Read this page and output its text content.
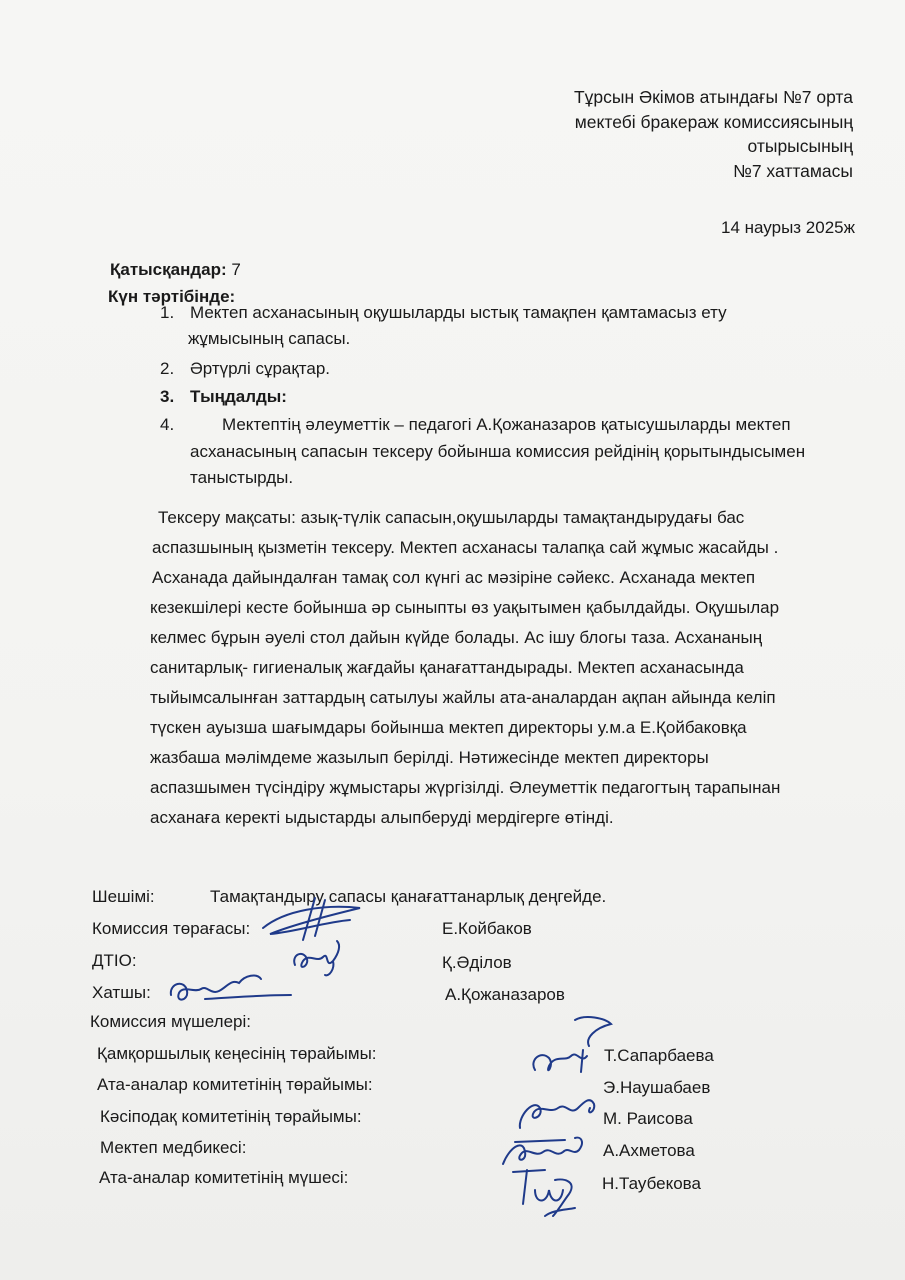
Тұрсын Әкімов атындағы №7 орта
мектебі бракераж комиссиясының
отырысының
№7 хаттамасы
14 наурыз 2025ж
Қатысқандар: 7
Күн тәртібінде:
1. Мектеп асханасының оқушыларды ыстық тамақпен қамтамасыз ету
жұмысының сапасы.
2. Әртүрлі сұрақтар.
3. Тыңдалды:
4.	Мектептің әлеуметтік – педагогі А.Қожаназаров қатысушыларды мектеп
асханасының сапасын тексеру бойынша комиссия рейдінің қорытындысымен
таныстырды.
Тексеру мақсаты: азық-түлік сапасын,оқушыларды тамақтандырудағы бас
аспазшының қызметін тексеру. Мектеп асханасы талапқа сай жұмыс жасайды .
Асханада дайындалған тамақ сол күнгі ас мәзіріне сәйекс. Асханада мектеп
кезекшілері кесте бойынша әр сыныпты өз уақытымен қабылдайды. Оқушылар
келмес бұрын әуелі стол дайын күйде болады. Ас ішу блогы таза. Асхананың
санитарлық- гигиеналық жағдайы қанағаттандырады. Мектеп асханасында
тыйымсалынған заттардың сатылуы жайлы ата-аналардан ақпан айында келіп
түскен ауызша шағымдары бойынша мектеп директоры у.м.а Е.Қойбаковқа
жазбаша мәлімдеме жазылып берілді. Нәтижесінде мектеп директоры
аспазшымен түсіндіру жұмыстары жүргізілді. Әлеуметтік педагогтың тарапынан
асханаға керекті ыдыстарды алыпберуді мердігерге өтінді.
Шешімі:	Тамақтандыру сапасы қанағаттанарлық деңгейде.
Комиссия төрағасы:	Е.Койбаков
ДТІО:	Қ.Әділов
Хатшы:	А.Қожаназаров
Комиссия мүшелері:
Қамқоршылық кеңесінің төрайымы:	Т.Сапарбаева
Ата-аналар комитетінің төрайымы:	Э.Наушабаев
Кәсіподақ комитетінің төрайымы:	М. Раисова
Мектеп медбикесі:	А.Ахметова
Ата-аналар комитетінің мүшесі:	Н.Таубекова
